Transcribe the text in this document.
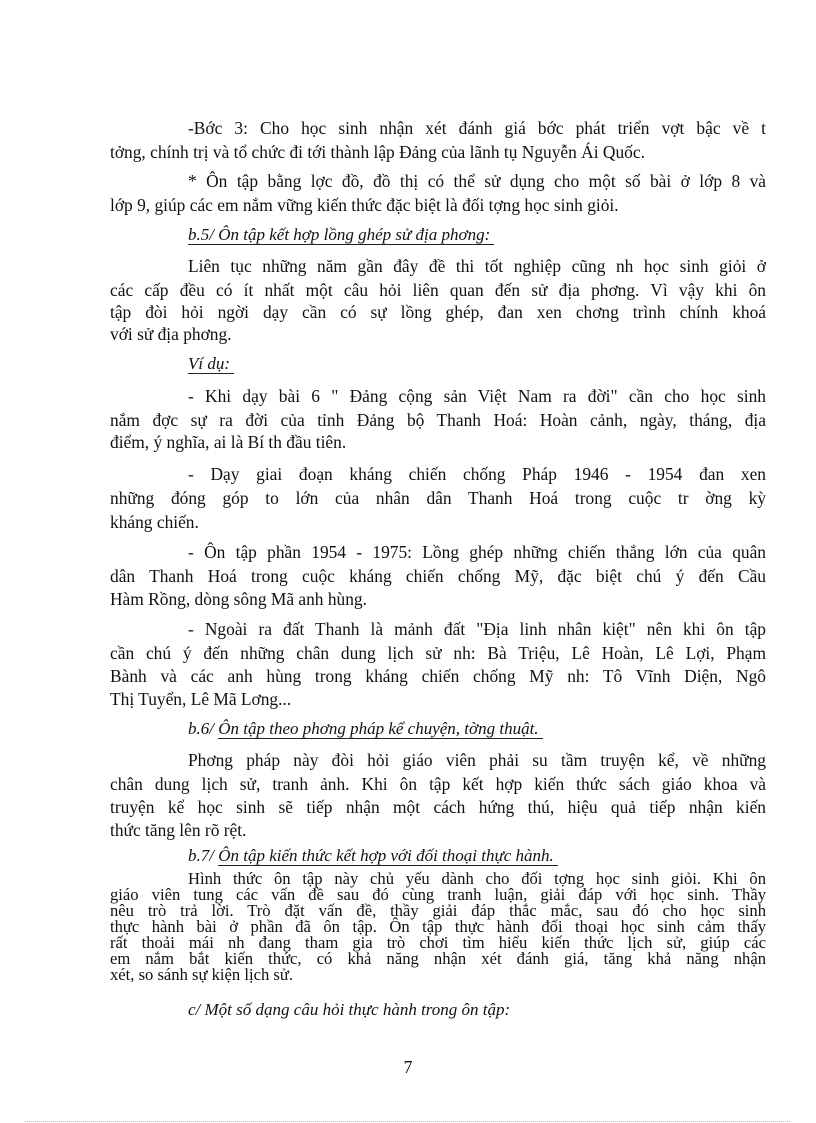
-Bớc 3: Cho học sinh nhận xét đánh giá bớc phát triển vợt bậc về t
tởng, chính trị và tổ chức đi tới thành lập Đảng của lãnh tụ Nguyễn Ái Quốc.
* Ôn tập bằng lợc đồ, đồ thị có thể sử dụng cho một số bài ở lớp 8 và
lớp 9, giúp các em nắm vững kiến thức đặc biệt là đối tợng học sinh giỏi.
b.5/ Ôn tập kết hợp lồng ghép sử địa phơng:
Liên tục những năm gần đây đề thi tốt nghiệp cũng nh học sinh giỏi ở
các cấp đều có ít nhất một câu hỏi liên quan đến sử địa phơng. Vì vậy khi ôn
tập đòi hỏi ngời dạy cần có sự lồng ghép, đan xen chơng trình chính khoá
với sử địa phơng.
Ví dụ:
- Khi dạy bài 6 " Đảng cộng sản Việt Nam ra đời" cần cho học sinh
nắm đợc sự ra đời của tỉnh Đảng bộ Thanh Hoá: Hoàn cảnh, ngày, tháng, địa
điểm, ý nghĩa, ai là Bí th đầu tiên.
- Dạy giai đoạn kháng chiến chống Pháp 1946 - 1954 đan xen
những đóng góp to lớn của nhân dân Thanh Hoá trong cuộc tr ờng kỳ
kháng chiến.
- Ôn tập phần 1954 - 1975: Lồng ghép những chiến thắng lớn của quân
dân Thanh Hoá trong cuộc kháng chiến chống Mỹ, đặc biệt chú ý đến Cầu
Hàm Rồng, dòng sông Mã anh hùng.
- Ngoài ra đất Thanh là mảnh đất "Địa linh nhân kiệt" nên khi ôn tập
cần chú ý đến những chân dung lịch sử nh: Bà Triệu, Lê Hoàn, Lê Lợi, Phạm
Bành và các anh hùng trong kháng chiến chống Mỹ nh: Tô Vĩnh Diện, Ngô
Thị Tuyển, Lê Mã Lơng...
b.6/ Ôn tập theo phơng pháp kể chuyện, tờng thuật.
Phơng pháp này đòi hỏi giáo viên phải su tầm truyện kể, về những
chân dung lịch sử, tranh ảnh. Khi ôn tập kết hợp kiến thức sách giáo khoa và
truyện kể học sinh sẽ tiếp nhận một cách hứng thú, hiệu quả tiếp nhận kiến
thức tăng lên rõ rệt.
b.7/ Ôn tập kiến thức kết hợp với đối thoại thực hành.
Hình thức ôn tập này chủ yếu dành cho đối tợng học sinh giỏi. Khi ôn
giáo viên tung các vấn đề sau đó cùng tranh luận, giải đáp với học sinh. Thầy
nêu trò trả lời. Trò đặt vấn đề, thầy giải đáp thắc mắc, sau đó cho học sinh
thực hành bài ở phần đã ôn tập. Ôn tập thực hành đối thoại học sinh cảm thấy
rất thoải mái nh đang tham gia trò chơi tìm hiểu kiến thức lịch sử, giúp các
em nắm bắt kiến thức, có khả năng nhận xét đánh giá, tăng khả năng nhận
xét, so sánh sự kiện lịch sử.
c/ Một số dạng câu hỏi thực hành trong ôn tập:
7
